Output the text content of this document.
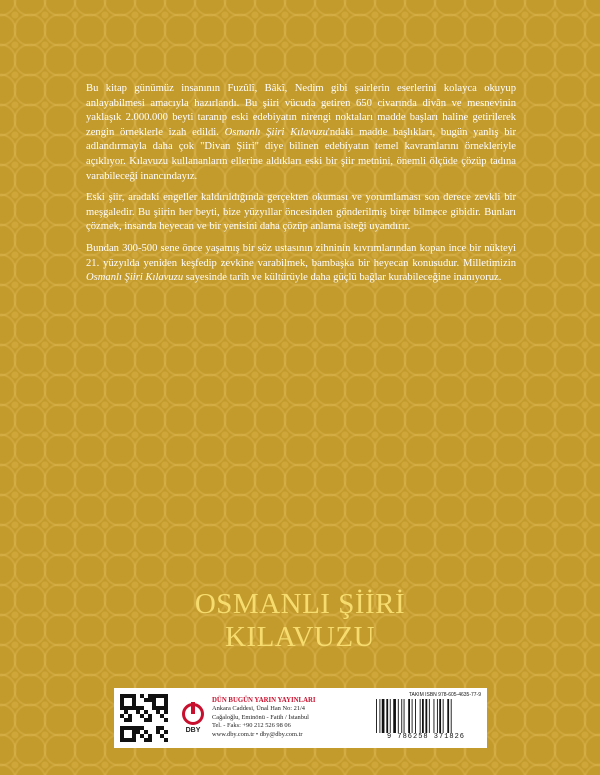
Bu kitap günümüz insanının Fuzûlî, Bâkî, Nedim gibi şairlerin eserlerini kolayca okuyup anlayabilmesi amacıyla hazırlandı. Bu şiiri vücuda getiren 650 civarında divân ve mesnevinin yaklaşık 2.000.000 beyti taranıp eski edebiyatın nirengi noktaları madde başları haline getirilerek zengin örneklerle izah edildi. Osmanlı Şiiri Kılavuzu'ndaki madde başlıkları, bugün yanlış bir adlandırmayla daha çok "Divan Şiiri" diye bilinen edebiyatın temel kavramlarını örnekleriyle açıklıyor. Kılavuzu kullananların ellerine aldıkları eski bir şiir metnini, önemli ölçüde çözüp tadına varabileceği inancındayız.

Eski şiir, aradaki engeller kaldırıldığında gerçekten okuması ve yorumlaması son derece zevkli bir meşgaledir. Bu şiirin her beyti, bize yüzyıllar öncesinden gönderilmiş birer bilmece gibidir. Bunları çözmek, insanda heyecan ve bir yenisini daha çözüp anlama isteği uyandırır.

Bundan 300-500 sene önce yaşamış bir söz ustasının zihninin kıvrımlarından kopan ince bir nükteyi 21. yüzyılda yeniden keşfedip zevkine varabilmek, bambaşka bir heyecan konusudur. Milletimizin Osmanlı Şiiri Kılavuzu sayesinde tarih ve kültürüyle daha güçlü bağlar kurabileceğine inanıyoruz.

OSMANLI ŞİİRİ
KILAVUZU
DBY
DÜN BUGÜN YARIN YAYINLARI
Ankara Caddesi, Ünal Han No: 21/4
Cağaloğlu, Eminönü - Fatih / İstanbul
Tel. - Faks: +90 212 526 98 06
www.dby.com.tr • dby@dby.com.tr
TAKIM ISBN 978-605-4635-77-9
9 786258 371826
